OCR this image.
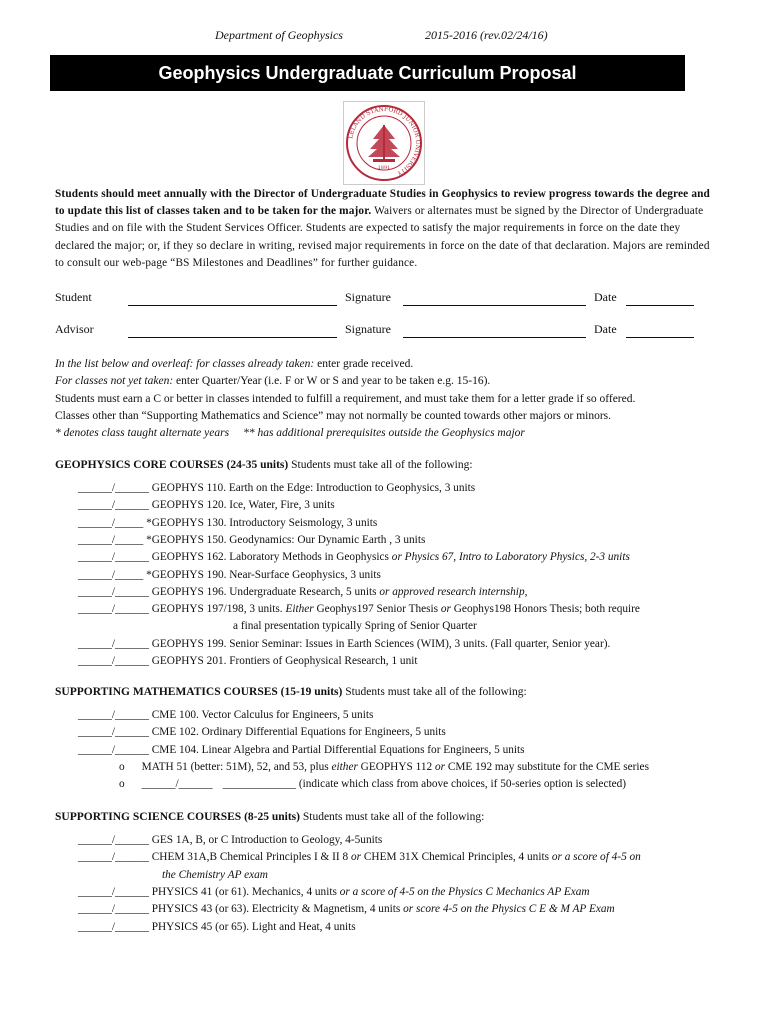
Department of Geophysics	2015-2016 (rev.02/24/16)
Geophysics Undergraduate Curriculum Proposal
LELAND STANFORD JUNIOR UNIVERSITY
1891
Students should meet annually with the Director of Undergraduate Studies in Geophysics to review progress towards the degree and to update this list of classes taken and to be taken for the major. Waivers or alternates must be signed by the Director of Undergraduate Studies and on file with the Student Services Officer. Students are expected to satisfy the major requirements in force on the date they declared the major; or, if they so declare in writing, revised major requirements in force on the date of that declaration. Majors are reminded to consult our web-page “BS Milestones and Deadlines” for further guidance.
Student	Signature	Date
Advisor	Signature	Date
In the list below and overleaf: for classes already taken: enter grade received.
For classes not yet taken: enter Quarter/Year (i.e. F or W or S and year to be taken e.g. 15-16).
Students must earn a C or better in classes intended to fulfill a requirement, and must take them for a letter grade if so offered.
Classes other than “Supporting Mathematics and Science” may not normally be counted towards other majors or minors.
* denotes class taught alternate years ** has additional prerequisites outside the Geophysics major
GEOPHYSICS CORE COURSES (24-35 units) Students must take all of the following:
______/______ GEOPHYS 110. Earth on the Edge: Introduction to Geophysics, 3 units
______/______ GEOPHYS 120. Ice, Water, Fire, 3 units
______/_____ *GEOPHYS 130. Introductory Seismology, 3 units
______/_____ *GEOPHYS 150. Geodynamics: Our Dynamic Earth , 3 units
______/______ GEOPHYS 162. Laboratory Methods in Geophysics or Physics 67, Intro to Laboratory Physics, 2-3 units
______/_____ *GEOPHYS 190. Near-Surface Geophysics, 3 units
______/______ GEOPHYS 196. Undergraduate Research, 5 units or approved research internship,
______/______ GEOPHYS 197/198, 3 units. Either Geophys197 Senior Thesis or Geophys198 Honors Thesis; both require
a final presentation typically Spring of Senior Quarter
______/______ GEOPHYS 199. Senior Seminar: Issues in Earth Sciences (WIM), 3 units. (Fall quarter, Senior year).
______/______ GEOPHYS 201. Frontiers of Geophysical Research, 1 unit
SUPPORTING MATHEMATICS COURSES (15-19 units) Students must take all of the following:
______/______ CME 100. Vector Calculus for Engineers, 5 units
______/______ CME 102. Ordinary Differential Equations for Engineers, 5 units
______/______ CME 104. Linear Algebra and Partial Differential Equations for Engineers, 5 units
o MATH 51 (better: 51M), 52, and 53, plus either GEOPHYS 112 or CME 192 may substitute for the CME series
o ______/______ _____________ (indicate which class from above choices, if 50-series option is selected)
SUPPORTING SCIENCE COURSES (8-25 units) Students must take all of the following:
______/______ GES 1A, B, or C Introduction to Geology, 4-5units
______/______ CHEM 31A,B Chemical Principles I & II 8 or CHEM 31X Chemical Principles, 4 units or a score of 4-5 on
the Chemistry AP exam
______/______ PHYSICS 41 (or 61). Mechanics, 4 units or a score of 4-5 on the Physics C Mechanics AP Exam
______/______ PHYSICS 43 (or 63). Electricity & Magnetism, 4 units or score 4-5 on the Physics C E & M AP Exam
______/______ PHYSICS 45 (or 65). Light and Heat, 4 units
